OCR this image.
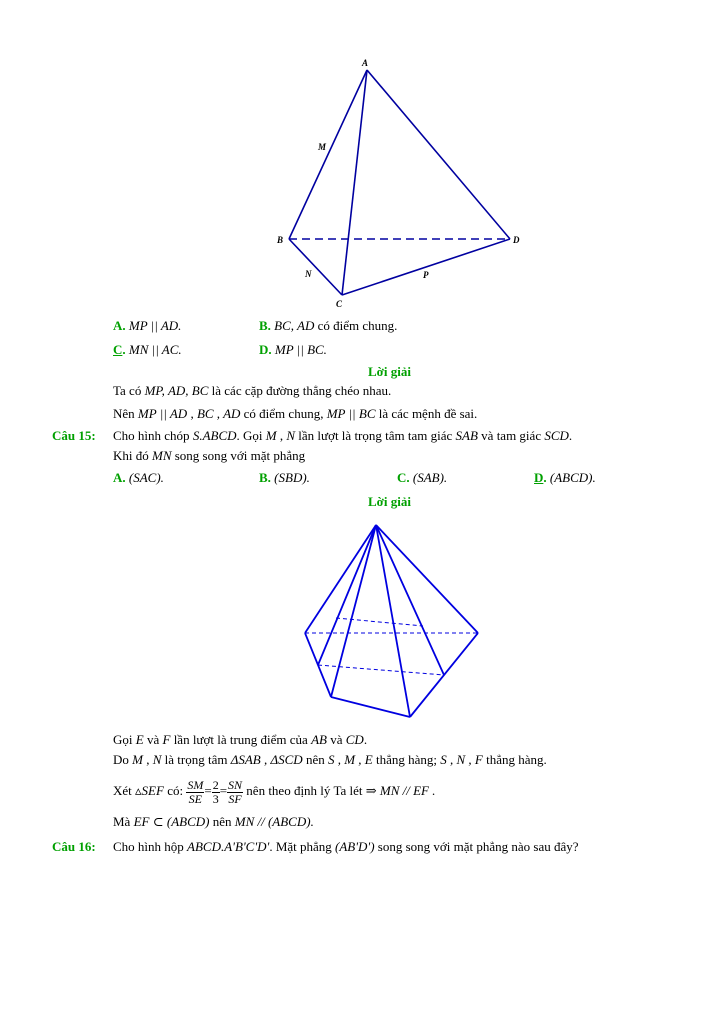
A
M
B	D
N	P
C
A. MP || AD.	B. BC, AD có điểm chung.
C. MN || AC.	D. MP || BC.
Lời giải
Ta có MP, AD, BC là các cặp đường thẳng chéo nhau.
Nên MP || AD , BC , AD có điểm chung, MP || BC là các mệnh đề sai.
Câu 15: Cho hình chóp S.ABCD. Gọi M , N lần lượt là trọng tâm tam giác SAB và tam giác SCD.
Khi đó MN song song với mặt phẳng
A. (SAC).	B. (SBD).	C. (SAB).	D. (ABCD).
Lời giải
Gọi E và F lần lượt là trung điểm của AB và CD.
Do M , N là trọng tâm ΔSAB , ΔSCD nên S , M , E thẳng hàng; S , N , F thẳng hàng.
Xét ▵SEF có: $\frac{SM}{SE} = \frac{2}{3} = \frac{SN}{SF}$ nên theo định lý Ta lét ⇒ MN // EF .
Mà EF ⊂ (ABCD) nên MN // (ABCD).
Câu 16: Cho hình hộp ABCD.A'B'C'D'. Mặt phẳng (AB'D') song song với mặt phẳng nào sau đây?
